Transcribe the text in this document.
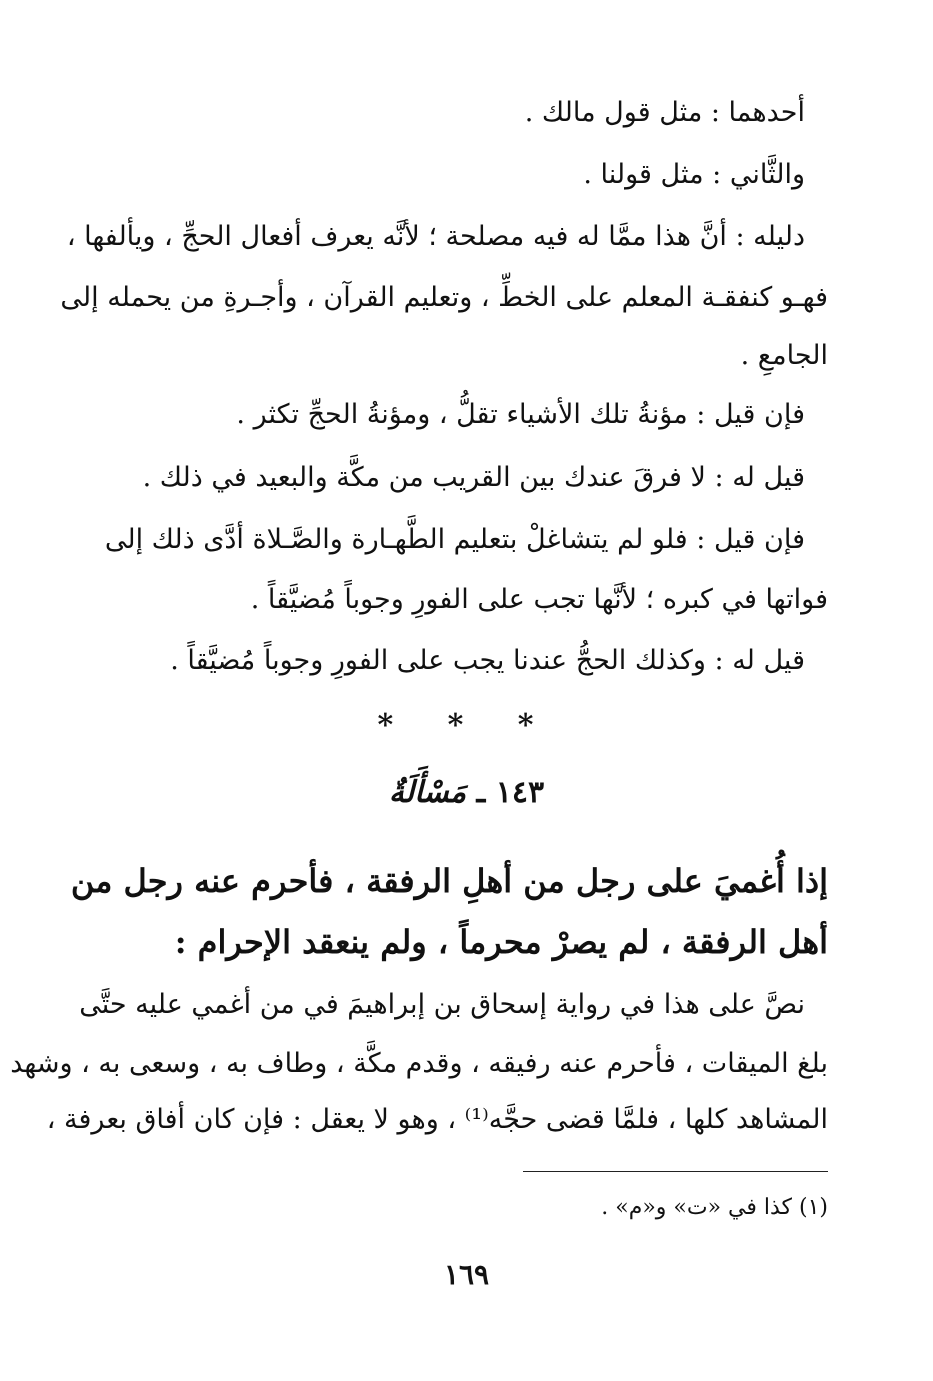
أحدهما : مثل قول مالك .
والثَّاني : مثل قولنا .
دليله : أنَّ هذا ممَّا له فيه مصلحة ؛ لأنَّه يعرف أفعال الحجِّ ، ويألفها ،
فهـو كنفقـة المعلم على الخطِّ ، وتعليم القرآن ، وأجـرةِ من يحمله إلى
الجامعِ .
فإن قيل : مؤنةُ تلك الأشياء تقلُّ ، ومؤنةُ الحجِّ تكثر .
قيل له : لا فرقَ عندك بين القريب من مكَّة والبعيد في ذلك .
فإن قيل : فلو لم يتشاغلْ بتعليم الطَّهـارة والصَّـلاة أدَّى ذلك إلى
فواتها في كبره ؛ لأنَّها تجب على الفورِ وجوباً مُضيَّقاً .
قيل له : وكذلك الحجُّ عندنا يجب على الفورِ وجوباً مُضيَّقاً .
* * *
١٤٣ ـ مَسْأَلَةٌ
إذا أُغميَ على رجل من أهلِ الرفقة ، فأحرم عنه رجل من
أهل الرفقة ، لم يصرْ محرماً ، ولم ينعقد الإحرام :
نصَّ على هذا في رواية إسحاق بن إبراهيمَ في من أغمي عليه حتَّى
بلغ الميقات ، فأحرم عنه رفيقه ، وقدم مكَّة ، وطاف به ، وسعى به ، وشهد
المشاهد كلها ، فلمَّا قضى حجَّه⁽¹⁾ ، وهو لا يعقل : فإن كان أفاق بعرفة ،
(١) كذا في «ت» و«م» .
١٦٩
